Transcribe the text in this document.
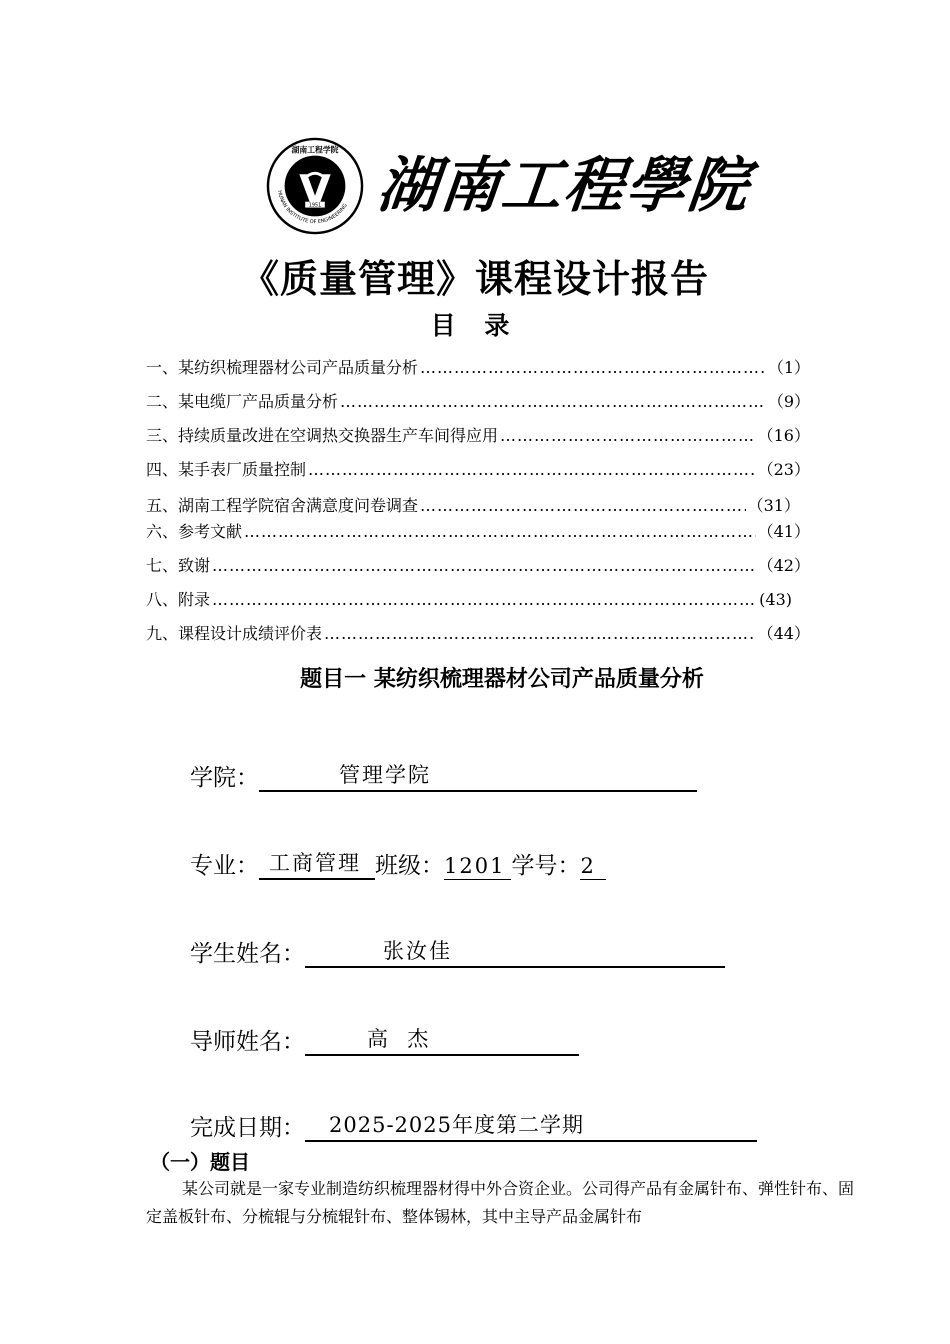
1951
湖南工程学院
HUNAN INSTITUTE OF ENGINEERING 湖南工程學院
《质量管理》课程设计报告
目 录
一、某纺织梳理器材公司产品质量分析 ……………………………………………………………………………………………………………………………………………………	（1）
二、某电缆厂产品质量分析 ……………………………………………………………………………………………………………………………………………………	（9）
三、持续质量改进在空调热交换器生产车间得应用 ……………………………………………………………………………………………………………………………………………………	（16）
四、某手表厂质量控制 ……………………………………………………………………………………………………………………………………………………	（23）
五、湖南工程学院宿舍满意度问卷调查 ……………………………………………………………………………………………………………………………………………………	（31）
六、参考文献 ……………………………………………………………………………………………………………………………………………………	（41）
七、致谢 ……………………………………………………………………………………………………………………………………………………	（42）
八、附录 ……………………………………………………………………………………………………………………………………………………	(43)
九、课程设计成绩评价表 ……………………………………………………………………………………………………………………………………………………	（44）
题目一 某纺织梳理器材公司产品质量分析
学院：	管理学院
专业： 工商管理 班级： 1201 学号： 2
学生姓名：	张汝佳
导师姓名：	高  杰
完成日期：	2025-2025年度第二学期
（一）题目
某公司就是一家专业制造纺织梳理器材得中外合资企业。公司得产品有金属针布、弹性针布、固定盖板针布、分梳辊与分梳辊针布、整体锡林，其中主导产品金属针布
